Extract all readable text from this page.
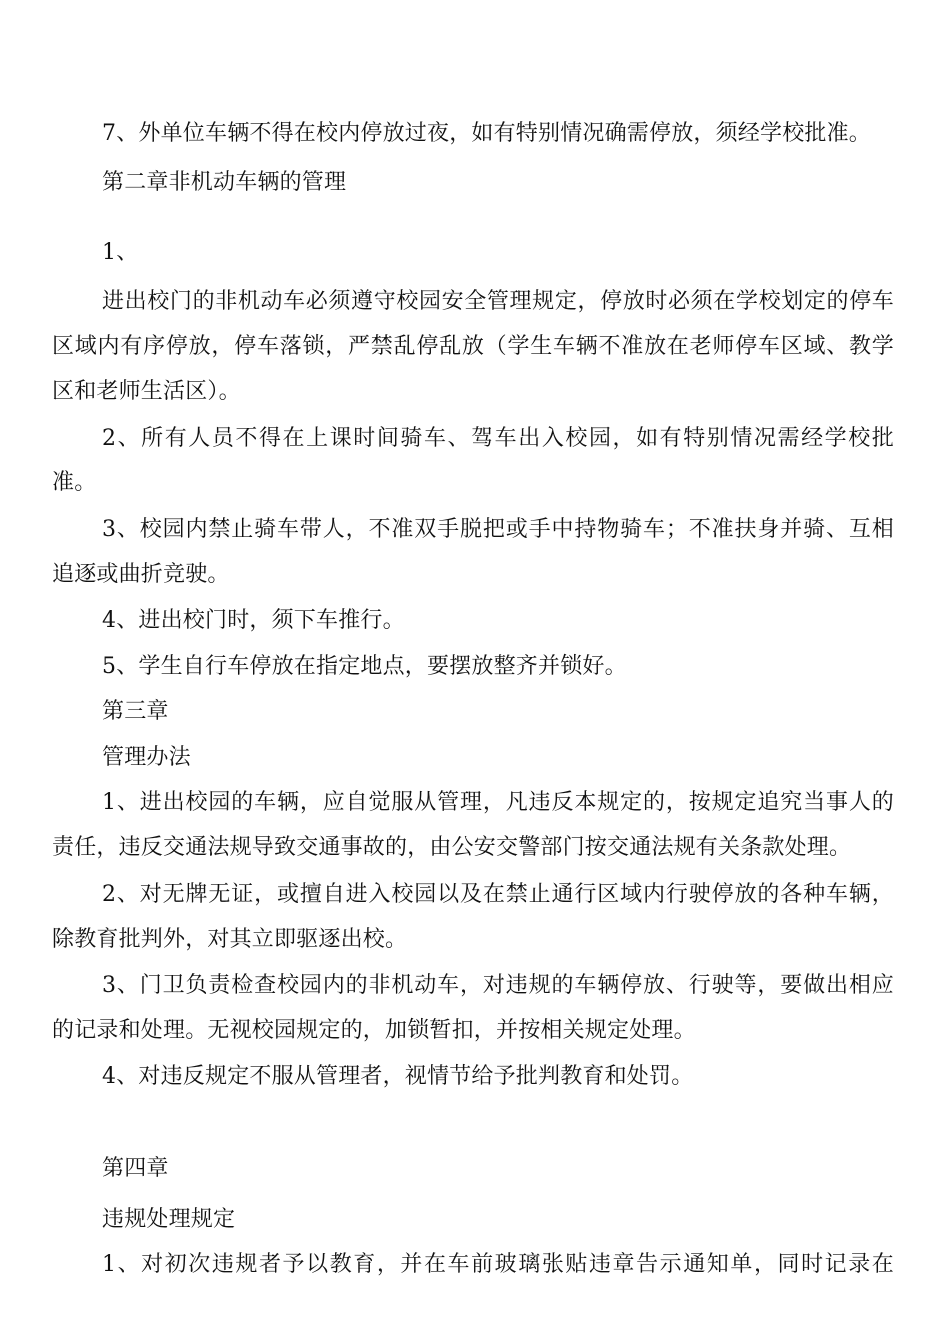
7、外单位车辆不得在校内停放过夜，如有特别情况确需停放，须经学校批准。
第二章非机动车辆的管理
1、
进出校门的非机动车必须遵守校园安全管理规定，停放时必须在学校划定的停车
区域内有序停放，停车落锁，严禁乱停乱放（学生车辆不准放在老师停车区域、教学
区和老师生活区）。
2、所有人员不得在上课时间骑车、驾车出入校园，如有特别情况需经学校批
准。
3、校园内禁止骑车带人，不准双手脱把或手中持物骑车；不准扶身并骑、互相
追逐或曲折竞驶。
4、进出校门时，须下车推行。
5、学生自行车停放在指定地点，要摆放整齐并锁好。
第三章
管理办法
1、进出校园的车辆，应自觉服从管理，凡违反本规定的，按规定追究当事人的
责任，违反交通法规导致交通事故的，由公安交警部门按交通法规有关条款处理。
2、对无牌无证，或擅自进入校园以及在禁止通行区域内行驶停放的各种车辆，
除教育批判外，对其立即驱逐出校。
3、门卫负责检查校园内的非机动车，对违规的车辆停放、行驶等，要做出相应
的记录和处理。无视校园规定的，加锁暂扣，并按相关规定处理。
4、对违反规定不服从管理者，视情节给予批判教育和处罚。
第四章
违规处理规定
1、对初次违规者予以教育，并在车前玻璃张贴违章告示通知单，同时记录在
